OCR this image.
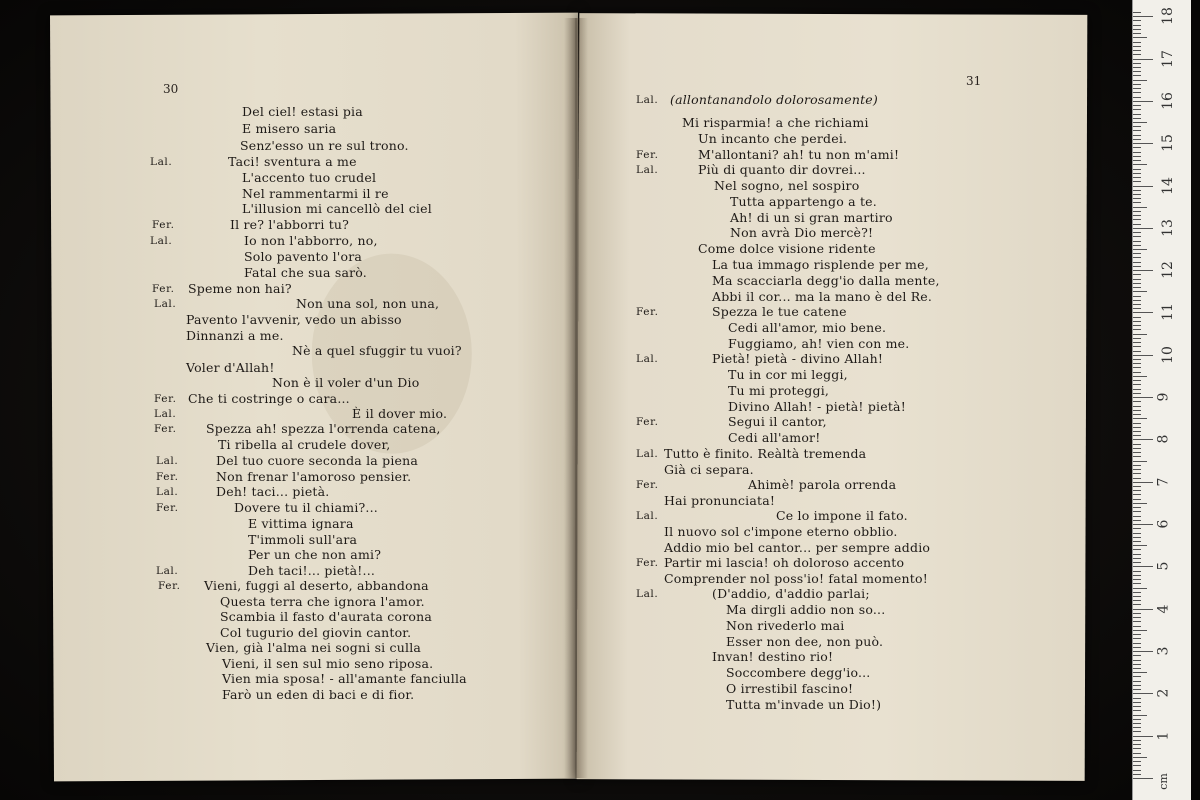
30
31
Del ciel! estasi pia
E misero saria
Senz'esso un re sul trono.
Lal.	Taci! sventura a me
L'accento tuo crudel
Nel rammentarmi il re
L'illusion mi cancellò del ciel
Fer.	Il re? l'abborri tu?
Lal.	Io non l'abborro, no,
Solo pavento l'ora
Fatal che sua sarò.
Fer. Speme non hai?
Lal.	Non una sol, non una,
Pavento l'avvenir, vedo un abisso
Dinnanzi a me.
Nè a quel sfuggir tu vuoi?
Voler d'Allah!
Non è il voler d'un Dio
Fer. Che ti costringe o cara...
Lal.	È il dover mio.
Fer. Spezza ah! spezza l'orrenda catena,
Ti ribella al crudele dover,
Lal.	Del tuo cuore seconda la piena
Fer.	Non frenar l'amoroso pensier.
Lal.	Deh! taci... pietà.
Fer.	Dovere tu il chiami?...
E vittima ignara
T'immoli sull'ara
Per un che non ami?
Lal.	Deh taci!... pietà!...
Fer. Vieni, fuggi al deserto, abbandona
Questa terra che ignora l'amor.
Scambia il fasto d'aurata corona
Col tugurio del giovin cantor.
Vien, già l'alma nei sogni si culla
Vieni, il sen sul mio seno riposa.
Vien mia sposa! - all'amante fanciulla
Farò un eden di baci e di fior.
Lal. (allontanandolo dolorosamente)
Mi risparmia! a che richiami
Un incanto che perdei.
Fer.	M'allontani? ah! tu non m'ami!
Lal.	Più di quanto dir dovrei...
Nel sogno, nel sospiro
Tutta appartengo a te.
Ah! di un si gran martiro
Non avrà Dio mercè?!
Come dolce visione ridente
La tua immago risplende per me,
Ma scacciarla degg'io dalla mente,
Abbi il cor... ma la mano è del Re.
Fer.	Spezza le tue catene
Cedi all'amor, mio bene.
Fuggiamo, ah! vien con me.
Lal.	Pietà! pietà - divino Allah!
Tu in cor mi leggi,
Tu mi proteggi,
Divino Allah! - pietà! pietà!
Fer.	Segui il cantor,
Cedi all'amor!
Lal. Tutto è finito. Reàltà tremenda
Già ci separa.
Fer.	Ahimè! parola orrenda
Hai pronunciata!
Lal.	Ce lo impone il fato.
Il nuovo sol c'impone eterno obblio.
Addio mio bel cantor... per sempre addio
Fer. Partir mi lascia! oh doloroso accento
Comprender nol poss'io! fatal momento!
Lal.	(D'addio, d'addio parlai;
Ma dirgli addio non so...
Non rivederlo mai
Esser non dee, non può.
Invan! destino rio!
Soccombere degg'io...
O irrestibil fascino!
Tutta m'invade un Dio!)
cm
1
2
3
4
5
6
7
8
9
10
11
12
13
14
15
16
17
18
